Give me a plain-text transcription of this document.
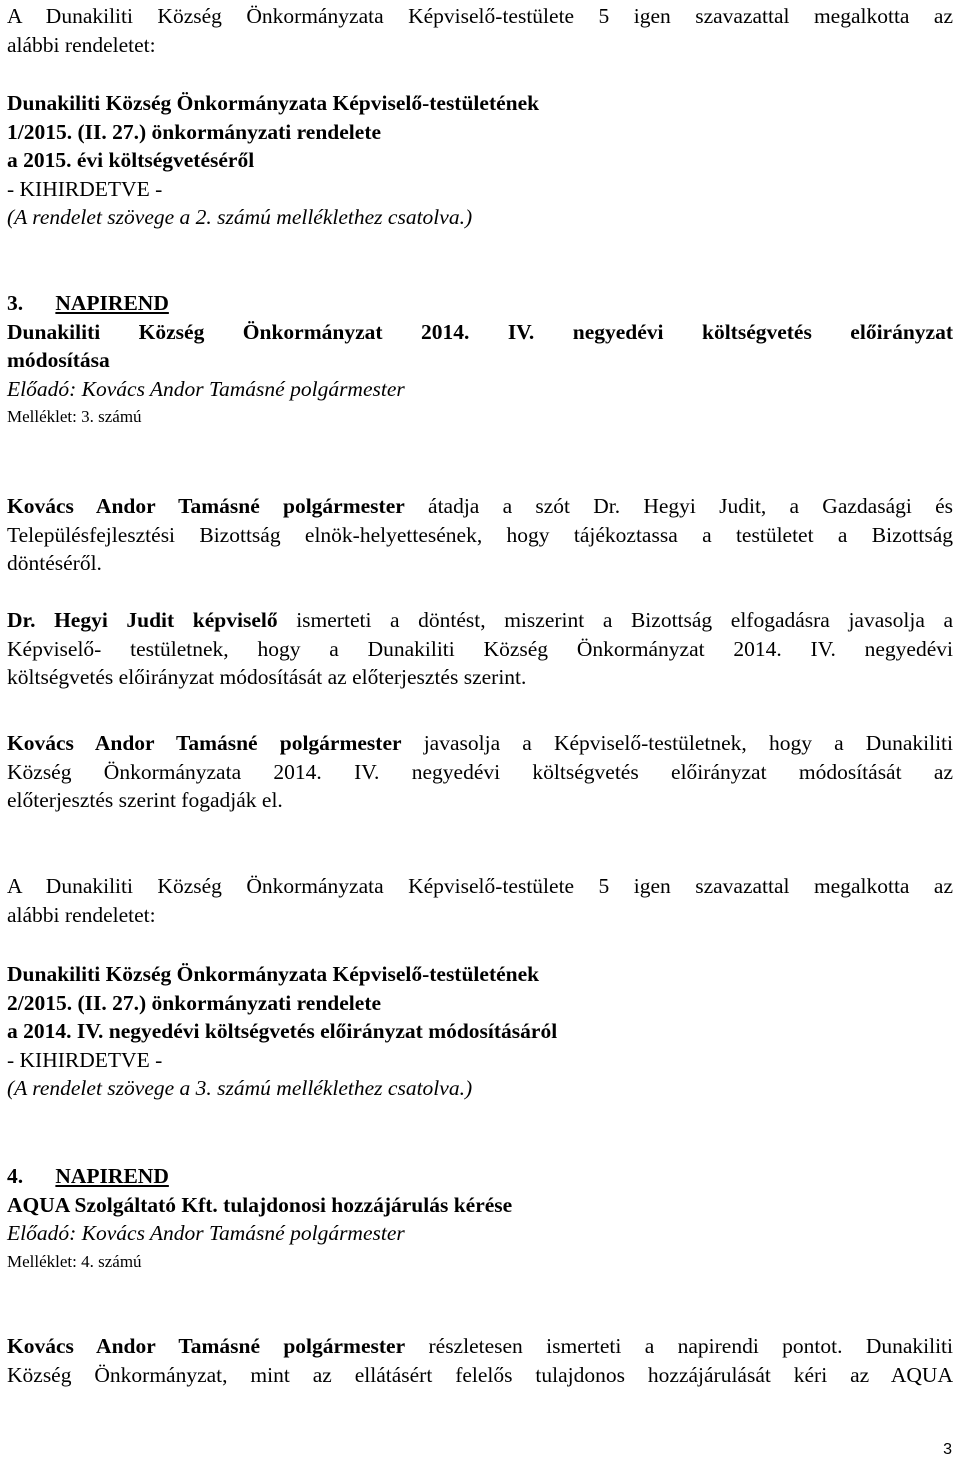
A Dunakiliti Község Önkormányzata Képviselő-testülete 5 igen szavazattal megalkotta az
alábbi rendeletet:
Dunakiliti Község Önkormányzata Képviselő-testületének
1/2015. (II. 27.) önkormányzati rendelete
a 2015. évi költségvetéséről
- KIHIRDETVE -
(A rendelet szövege a 2. számú melléklethez csatolva.)
3. NAPIREND
Dunakiliti Község Önkormányzat 2014. IV. negyedévi költségvetés előirányzat
módosítása
Előadó: Kovács Andor Tamásné polgármester
Melléklet: 3. számú
Kovács Andor Tamásné polgármester átadja a szót Dr. Hegyi Judit, a Gazdasági és
Településfejlesztési Bizottság elnök-helyettesének, hogy tájékoztassa a testületet a Bizottság
döntéséről.
Dr. Hegyi Judit képviselő ismerteti a döntést, miszerint a Bizottság elfogadásra javasolja a
Képviselő- testületnek, hogy a Dunakiliti Község Önkormányzat 2014. IV. negyedévi
költségvetés előirányzat módosítását az előterjesztés szerint.
Kovács Andor Tamásné polgármester javasolja a Képviselő-testületnek, hogy a Dunakiliti
Község Önkormányzata 2014. IV. negyedévi költségvetés előirányzat módosítását az
előterjesztés szerint fogadják el.
A Dunakiliti Község Önkormányzata Képviselő-testülete 5 igen szavazattal megalkotta az
alábbi rendeletet:
Dunakiliti Község Önkormányzata Képviselő-testületének
2/2015. (II. 27.) önkormányzati rendelete
a 2014. IV. negyedévi költségvetés előirányzat módosításáról
- KIHIRDETVE -
(A rendelet szövege a 3. számú melléklethez csatolva.)
4. NAPIREND
AQUA Szolgáltató Kft. tulajdonosi hozzájárulás kérése
Előadó: Kovács Andor Tamásné polgármester
Melléklet: 4. számú
Kovács Andor Tamásné polgármester részletesen ismerteti a napirendi pontot. Dunakiliti
Község Önkormányzat, mint az ellátásért felelős tulajdonos hozzájárulását kéri az AQUA
3
